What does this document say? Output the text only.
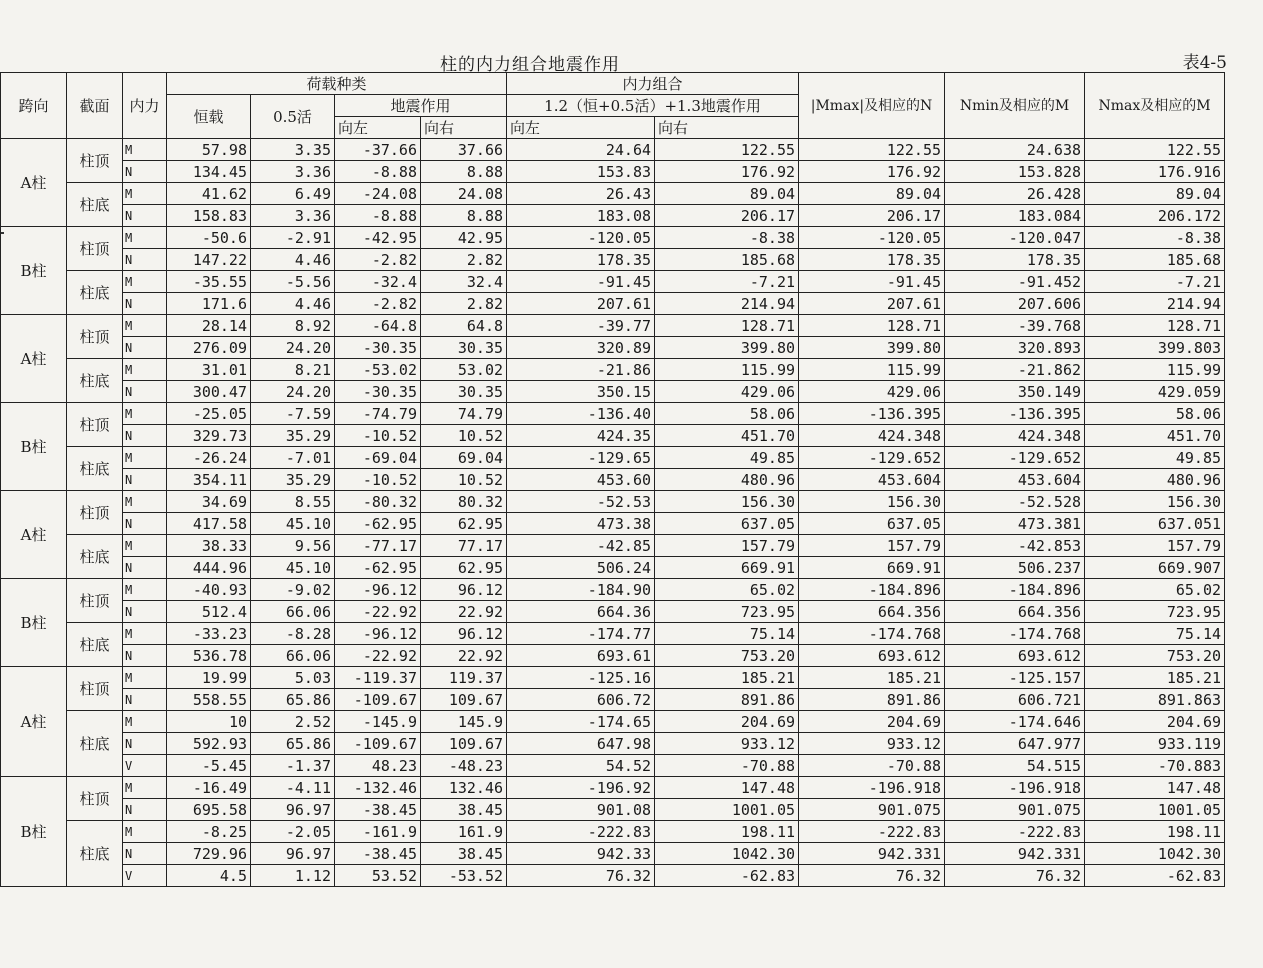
柱的内力组合地震作用	表4-5
跨向	截面	内力	荷载种类				内力组合		|Mmax|及相应的N	Nmin及相应的M	Nmax及相应的M
			恒载	0.5活	地震作用		1.2（恒+0.5活）+1.3地震作用				
					向左	向右	向左	向右			
A柱	柱顶	M	57.98	3.35	-37.66	37.66	24.64	122.55	122.55	24.638	122.55
		N	134.45	3.36	-8.88	8.88	153.83	176.92	176.92	153.828	176.916
	柱底	M	41.62	6.49	-24.08	24.08	26.43	89.04	89.04	26.428	89.04
		N	158.83	3.36	-8.88	8.88	183.08	206.17	206.17	183.084	206.172
B柱	柱顶	M	-50.6	-2.91	-42.95	42.95	-120.05	-8.38	-120.05	-120.047	-8.38
		N	147.22	4.46	-2.82	2.82	178.35	185.68	178.35	178.35	185.68
	柱底	M	-35.55	-5.56	-32.4	32.4	-91.45	-7.21	-91.45	-91.452	-7.21
		N	171.6	4.46	-2.82	2.82	207.61	214.94	207.61	207.606	214.94
A柱	柱顶	M	28.14	8.92	-64.8	64.8	-39.77	128.71	128.71	-39.768	128.71
		N	276.09	24.20	-30.35	30.35	320.89	399.80	399.80	320.893	399.803
	柱底	M	31.01	8.21	-53.02	53.02	-21.86	115.99	115.99	-21.862	115.99
		N	300.47	24.20	-30.35	30.35	350.15	429.06	429.06	350.149	429.059
B柱	柱顶	M	-25.05	-7.59	-74.79	74.79	-136.40	58.06	-136.395	-136.395	58.06
		N	329.73	35.29	-10.52	10.52	424.35	451.70	424.348	424.348	451.70
	柱底	M	-26.24	-7.01	-69.04	69.04	-129.65	49.85	-129.652	-129.652	49.85
		N	354.11	35.29	-10.52	10.52	453.60	480.96	453.604	453.604	480.96
A柱	柱顶	M	34.69	8.55	-80.32	80.32	-52.53	156.30	156.30	-52.528	156.30
		N	417.58	45.10	-62.95	62.95	473.38	637.05	637.05	473.381	637.051
	柱底	M	38.33	9.56	-77.17	77.17	-42.85	157.79	157.79	-42.853	157.79
		N	444.96	45.10	-62.95	62.95	506.24	669.91	669.91	506.237	669.907
B柱	柱顶	M	-40.93	-9.02	-96.12	96.12	-184.90	65.02	-184.896	-184.896	65.02
		N	512.4	66.06	-22.92	22.92	664.36	723.95	664.356	664.356	723.95
	柱底	M	-33.23	-8.28	-96.12	96.12	-174.77	75.14	-174.768	-174.768	75.14
		N	536.78	66.06	-22.92	22.92	693.61	753.20	693.612	693.612	753.20
A柱	柱顶	M	19.99	5.03	-119.37	119.37	-125.16	185.21	185.21	-125.157	185.21
		N	558.55	65.86	-109.67	109.67	606.72	891.86	891.86	606.721	891.863
	柱底	M	10	2.52	-145.9	145.9	-174.65	204.69	204.69	-174.646	204.69
		N	592.93	65.86	-109.67	109.67	647.98	933.12	933.12	647.977	933.119
		V	-5.45	-1.37	48.23	-48.23	54.52	-70.88	-70.88	54.515	-70.883
B柱	柱顶	M	-16.49	-4.11	-132.46	132.46	-196.92	147.48	-196.918	-196.918	147.48
		N	695.58	96.97	-38.45	38.45	901.08	1001.05	901.075	901.075	1001.05
	柱底	M	-8.25	-2.05	-161.9	161.9	-222.83	198.11	-222.83	-222.83	198.11
		N	729.96	96.97	-38.45	38.45	942.33	1042.30	942.331	942.331	1042.30
		V	4.5	1.12	53.52	-53.52	76.32	-62.83	76.32	76.32	-62.83
